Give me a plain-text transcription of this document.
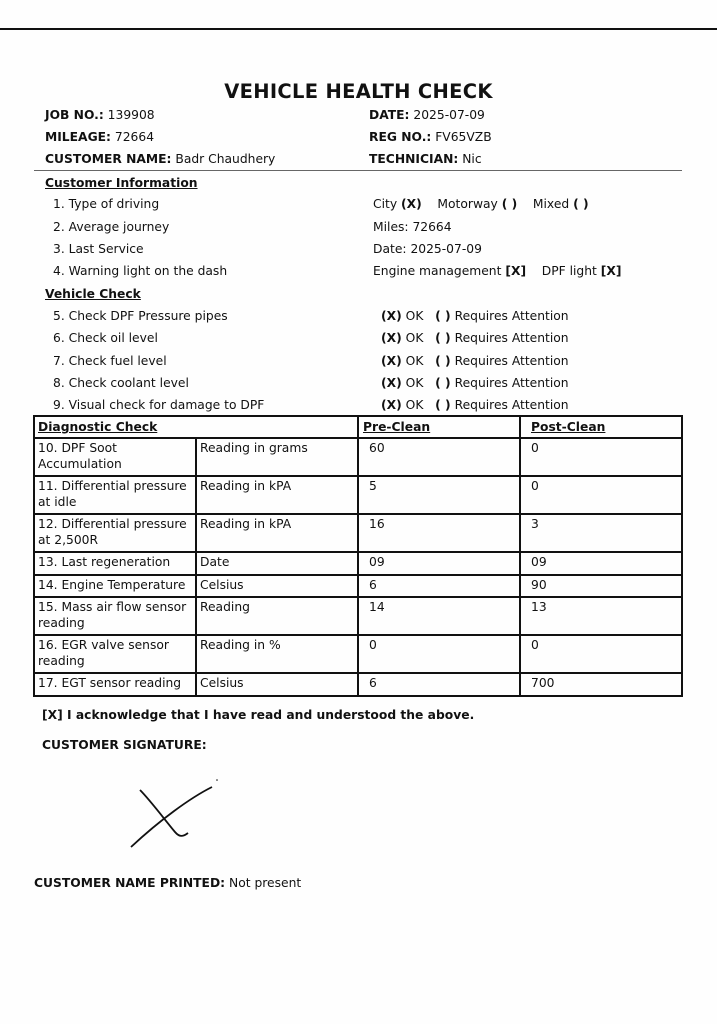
VEHICLE HEALTH CHECK
JOB NO.: 139908	DATE: 2025-07-09
MILEAGE: 72664	REG NO.: FV65VZB
CUSTOMER NAME: Badr Chaudhery	TECHNICIAN: Nic
Customer Information
1. Type of driving	City (X) Motorway ( ) Mixed ( )
2. Average journey	Miles: 72664
3. Last Service	Date: 2025-07-09
4. Warning light on the dash	Engine management [X] DPF light [X]
Vehicle Check
5. Check DPF Pressure pipes	(X) OK ( ) Requires Attention
6. Check oil level	(X) OK ( ) Requires Attention
7. Check fuel level	(X) OK ( ) Requires Attention
8. Check coolant level	(X) OK ( ) Requires Attention
9. Visual check for damage to DPF	(X) OK ( ) Requires Attention
Diagnostic Check		Pre-Clean	Post-Clean
10. DPF Soot Accumulation	Reading in grams	60	0
11. Differential pressure at idle	Reading in kPA	5	0
12. Differential pressure at 2,500R	Reading in kPA	16	3
13. Last regeneration	Date	09	09
14. Engine Temperature	Celsius	6	90
15. Mass air flow sensor reading	Reading	14	13
16. EGR valve sensor reading	Reading in %	0	0
17. EGT sensor reading	Celsius	6	700
[X] I acknowledge that I have read and understood the above.
CUSTOMER SIGNATURE:
CUSTOMER NAME PRINTED: Not present
